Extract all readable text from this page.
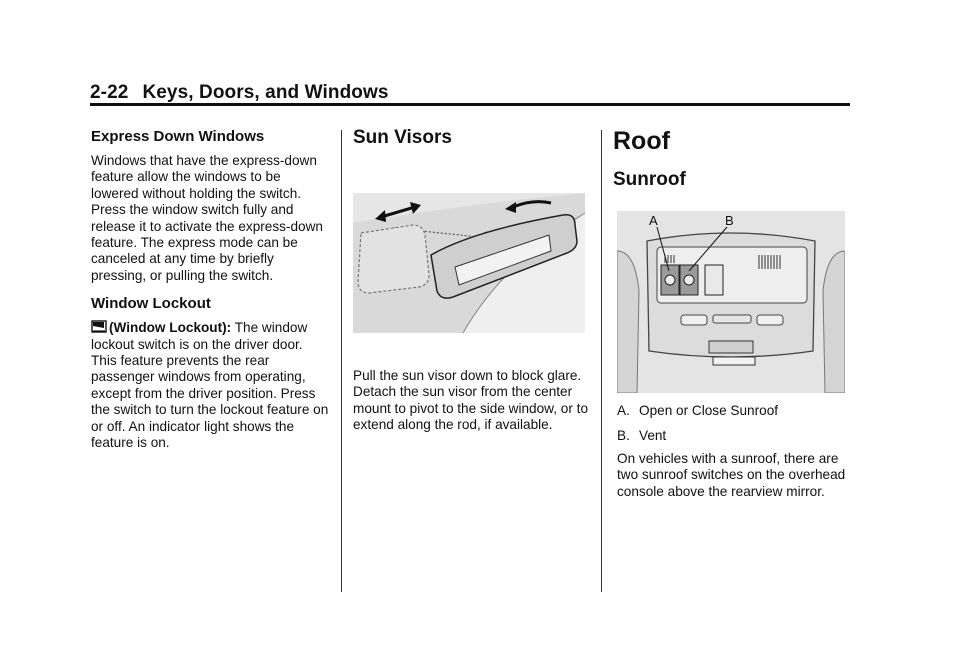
2-22 Keys, Doors, and Windows
Express Down Windows

Windows that have the express-down feature allow the windows to be lowered without holding the switch. Press the window switch fully and release it to activate the express-down feature. The express mode can be canceled at any time by briefly pressing, or pulling the switch.

Window Lockout

(Window Lockout): The window lockout switch is on the driver door. This feature prevents the rear passenger windows from operating, except from the driver position. Press the switch to turn the lockout feature on or off. An indicator light shows the feature is on.

Sun Visors

Pull the sun visor down to block glare. Detach the sun visor from the center mount to pivot to the side window, or to extend along the rod, if available.

Roof
Sunroof
A	B
A. Open or Close Sunroof
B. Vent

On vehicles with a sunroof, there are two sunroof switches on the overhead console above the rearview mirror.
